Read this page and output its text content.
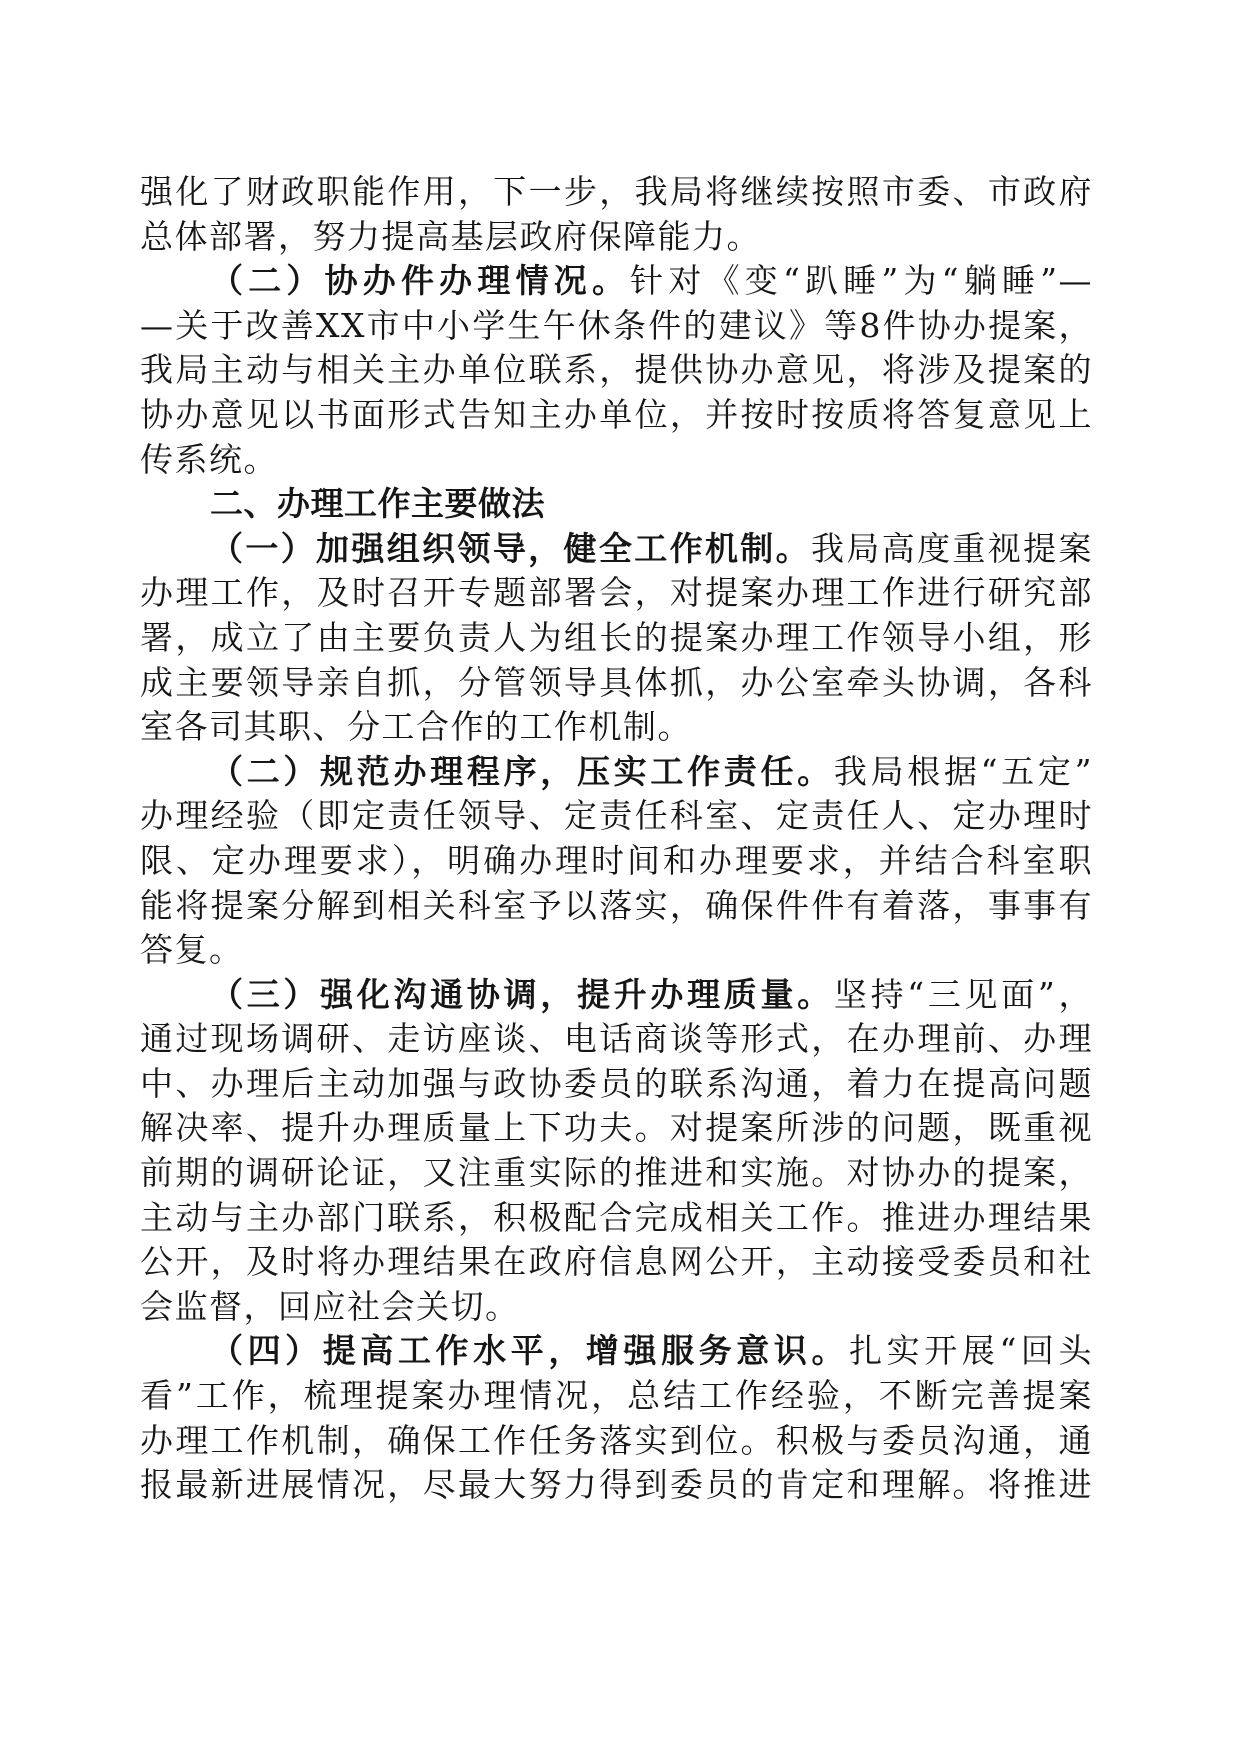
强化了财政职能作用，下一步，我局将继续按照市委、市政府
总体部署，努力提高基层政府保障能力。
（二）协办件办理情况。针对《变“趴睡”为“躺睡”—
—关于改善XX市中小学生午休条件的建议》等8件协办提案，
我局主动与相关主办单位联系，提供协办意见，将涉及提案的
协办意见以书面形式告知主办单位，并按时按质将答复意见上
传系统。
二、办理工作主要做法
（一）加强组织领导，健全工作机制。我局高度重视提案
办理工作，及时召开专题部署会，对提案办理工作进行研究部
署，成立了由主要负责人为组长的提案办理工作领导小组，形
成主要领导亲自抓，分管领导具体抓，办公室牵头协调，各科
室各司其职、分工合作的工作机制。
（二）规范办理程序，压实工作责任。我局根据“五定”
办理经验（即定责任领导、定责任科室、定责任人、定办理时
限、定办理要求），明确办理时间和办理要求，并结合科室职
能将提案分解到相关科室予以落实，确保件件有着落，事事有
答复。
（三）强化沟通协调，提升办理质量。坚持“三见面”，
通过现场调研、走访座谈、电话商谈等形式，在办理前、办理
中、办理后主动加强与政协委员的联系沟通，着力在提高问题
解决率、提升办理质量上下功夫。对提案所涉的问题，既重视
前期的调研论证，又注重实际的推进和实施。对协办的提案，
主动与主办部门联系，积极配合完成相关工作。推进办理结果
公开，及时将办理结果在政府信息网公开，主动接受委员和社
会监督，回应社会关切。
（四）提高工作水平，增强服务意识。扎实开展“回头
看”工作，梳理提案办理情况，总结工作经验，不断完善提案
办理工作机制，确保工作任务落实到位。积极与委员沟通，通
报最新进展情况，尽最大努力得到委员的肯定和理解。将推进
